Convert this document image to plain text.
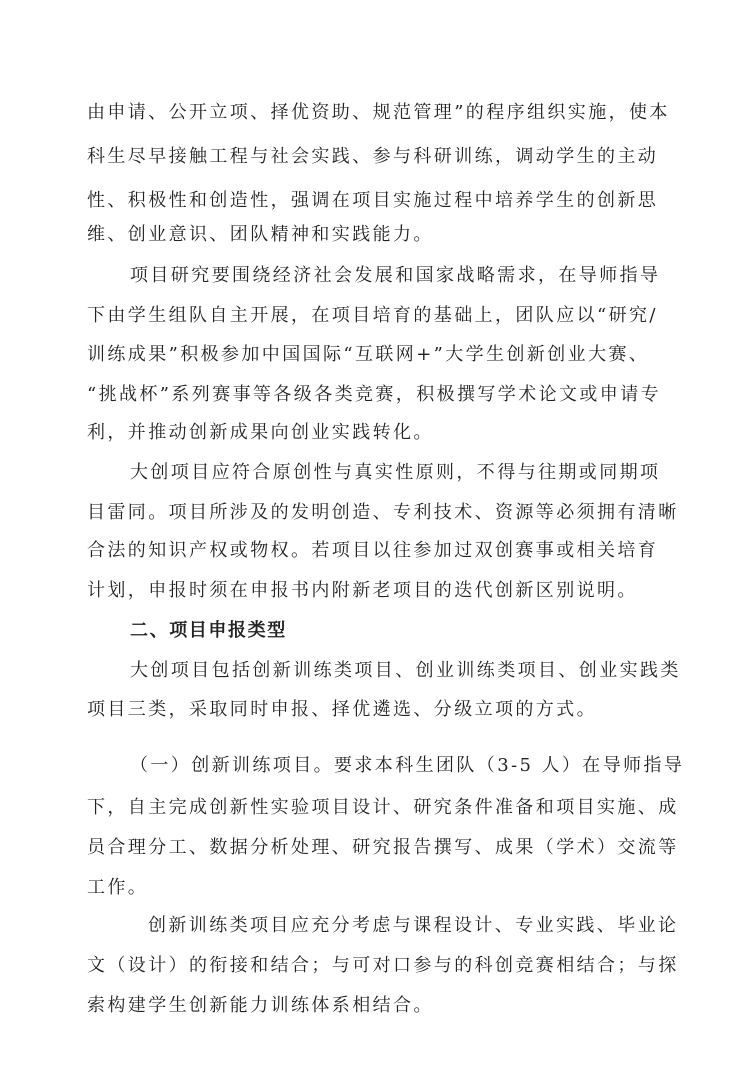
由申请、公开立项、择优资助、规范管理”的程序组织实施，使本
科生尽早接触工程与社会实践、参与科研训练，调动学生的主动
性、积极性和创造性，强调在项目实施过程中培养学生的创新思
维、创业意识、团队精神和实践能力。
项目研究要围绕经济社会发展和国家战略需求，在导师指导
下由学生组队自主开展，在项目培育的基础上，团队应以“研究/
训练成果”积极参加中国国际“互联网+”大学生创新创业大赛、
“挑战杯”系列赛事等各级各类竞赛，积极撰写学术论文或申请专
利，并推动创新成果向创业实践转化。
大创项目应符合原创性与真实性原则，不得与往期或同期项
目雷同。项目所涉及的发明创造、专利技术、资源等必须拥有清晰
合法的知识产权或物权。若项目以往参加过双创赛事或相关培育
计划，申报时须在申报书内附新老项目的迭代创新区别说明。
二、项目申报类型
大创项目包括创新训练类项目、创业训练类项目、创业实践类
项目三类，采取同时申报、择优遴选、分级立项的方式。
（一）创新训练项目。要求本科生团队（3-5 人）在导师指导
下，自主完成创新性实验项目设计、研究条件准备和项目实施、成
员合理分工、数据分析处理、研究报告撰写、成果（学术）交流等
工作。
创新训练类项目应充分考虑与课程设计、专业实践、毕业论
文（设计）的衔接和结合；与可对口参与的科创竞赛相结合；与探
索构建学生创新能力训练体系相结合。
